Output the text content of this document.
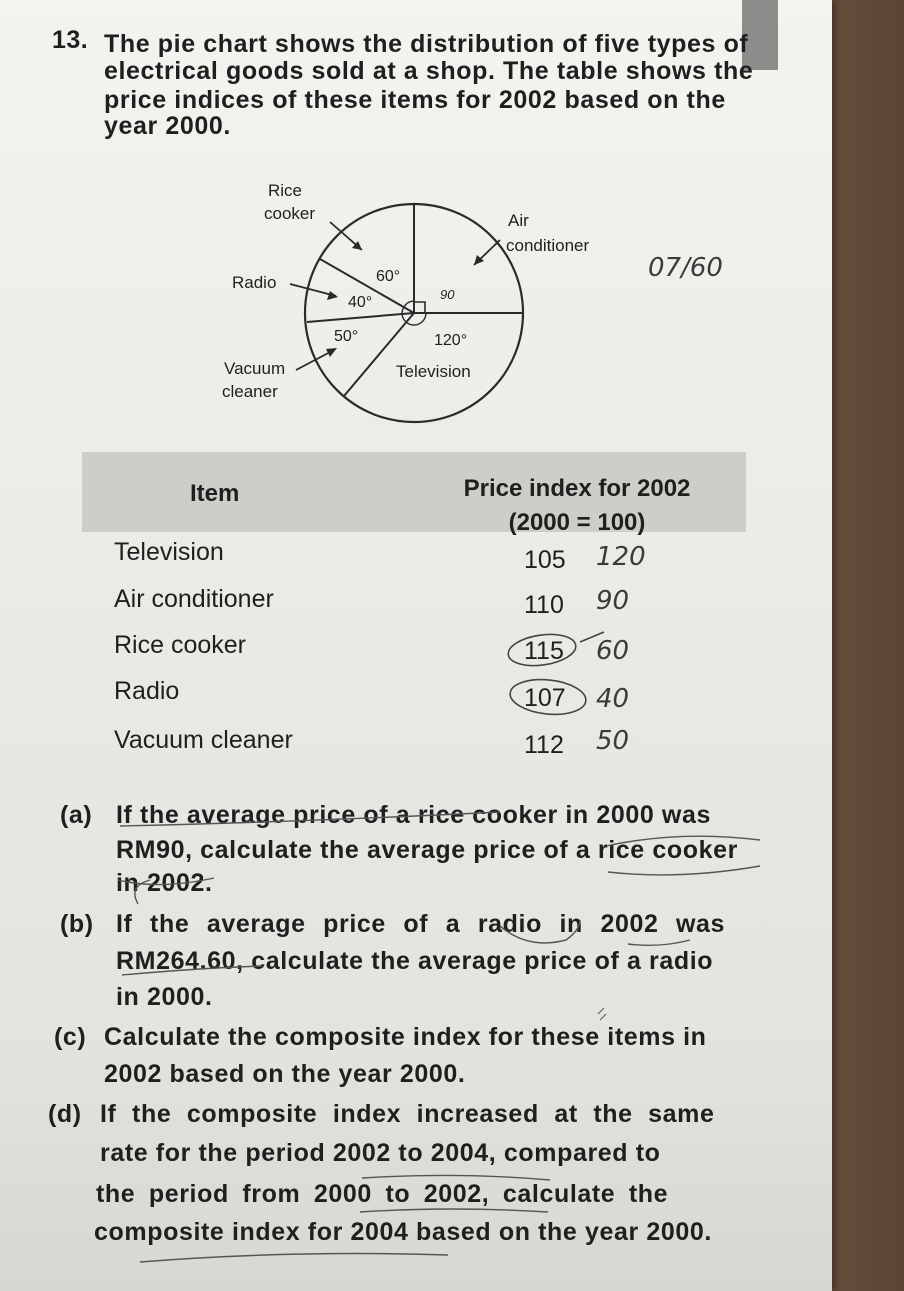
13. The pie chart shows the distribution of five types of
electrical goods sold at a shop. The table shows the
price indices of these items for 2002 based on the
year 2000.
Rice
cooker	Air
conditioner
Radio
Vacuum
cleaner
Television
60°
40°
50°	120°
90
07/60
Item	Price index for 2002
(2000 = 100)
Television	105 120
Air conditioner	110 90
Rice cooker	115 60
Radio	107 40
Vacuum cleaner	112 50
(a) If the average price of a rice cooker in 2000 was
RM90, calculate the average price of a rice cooker
in 2002.
(b) If the average price of a radio in 2002 was
RM264.60, calculate the average price of a radio
in 2000.
(c) Calculate the composite index for these items in
2002 based on the year 2000.
(d) If the composite index increased at the same
rate for the period 2002 to 2004, compared to
the period from 2000 to 2002, calculate the
composite index for 2004 based on the year 2000.
